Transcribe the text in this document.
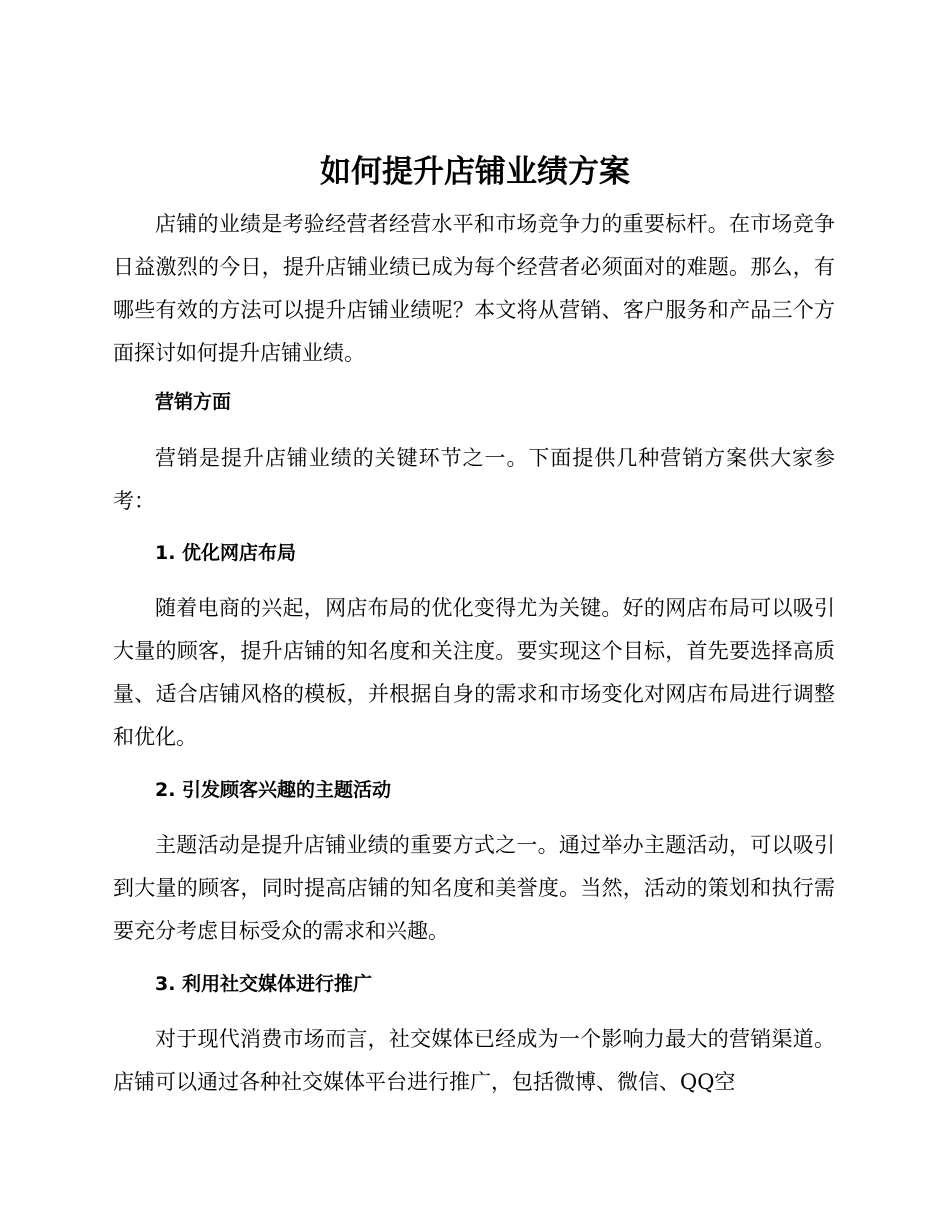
如何提升店铺业绩方案

店铺的业绩是考验经营者经营水平和市场竞争力的重要标杆。在市场竞争日益激烈的今日，提升店铺业绩已成为每个经营者必须面对的难题。那么，有哪些有效的方法可以提升店铺业绩呢？本文将从营销、客户服务和产品三个方面探讨如何提升店铺业绩。

营销方面

营销是提升店铺业绩的关键环节之一。下面提供几种营销方案供大家参考：

1. 优化网店布局

随着电商的兴起，网店布局的优化变得尤为关键。好的网店布局可以吸引大量的顾客，提升店铺的知名度和关注度。要实现这个目标，首先要选择高质量、适合店铺风格的模板，并根据自身的需求和市场变化对网店布局进行调整和优化。

2. 引发顾客兴趣的主题活动

主题活动是提升店铺业绩的重要方式之一。通过举办主题活动，可以吸引到大量的顾客，同时提高店铺的知名度和美誉度。当然，活动的策划和执行需要充分考虑目标受众的需求和兴趣。

3. 利用社交媒体进行推广

对于现代消费市场而言，社交媒体已经成为一个影响力最大的营销渠道。店铺可以通过各种社交媒体平台进行推广，包括微博、微信、QQ空
